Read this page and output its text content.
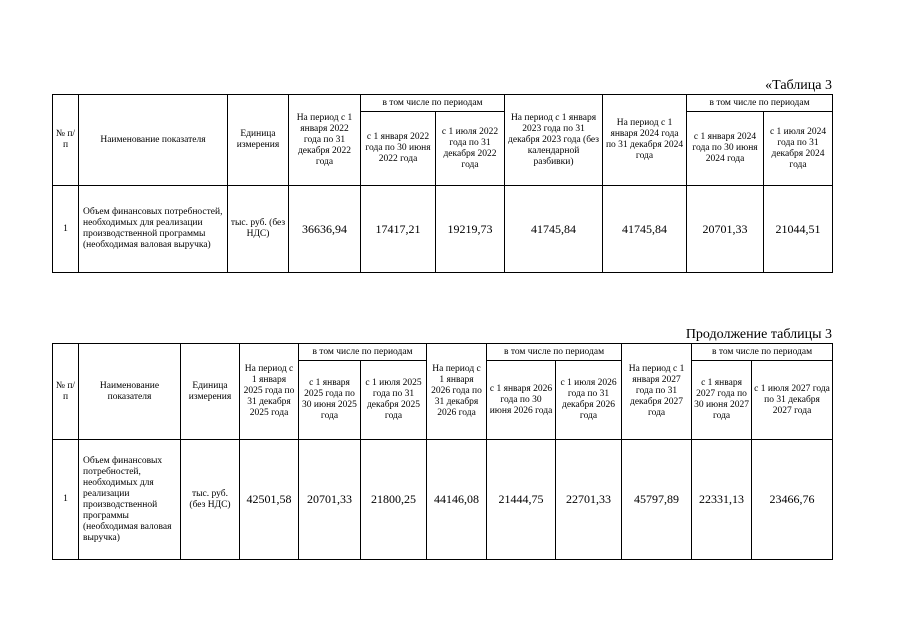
«Таблица 3
№ п/п	Наименование показателя	Единица измерения	На период с 1 января 2022 года по 31 декабря 2022 года	в том числе по периодам		На период с 1 января 2023 года по 31 декабря 2023 года (без календарной разбивки)	На период с 1 января 2024 года по 31 декабря 2024 года	в том числе по периодам	
				с 1 января 2022 года по 30 июня 2022 года	с 1 июля 2022 года по 31 декабря 2022 года			с 1 января 2024 года по 30 июня 2024 года	с 1 июля 2024 года по 31 декабря 2024 года
1	Объем финансовых потребностей, необходимых для реализации производственной программы (необходимая валовая выручка)	тыс. руб. (без НДС)	36636,94	17417,21	19219,73	41745,84	41745,84	20701,33	21044,51
Продолжение таблицы 3
№ п/п	Наименование показателя	Единица измерения	На период с 1 января 2025 года по 31 декабря 2025 года	в том числе по периодам		На период с 1 января 2026 года по 31 декабря 2026 года	в том числе по периодам		На период с 1 января 2027 года по 31 декабря 2027 года	в том числе по периодам	
				с 1 января 2025 года по 30 июня 2025 года	с 1 июля 2025 года по 31 декабря 2025 года		с 1 января 2026 года по 30 июня 2026 года	с 1 июля 2026 года по 31 декабря 2026 года		с 1 января 2027 года по 30 июня 2027 года	с 1 июля 2027 года по 31 декабря 2027 года
1	Объем финансовых потребностей, необходимых для реализации производственной программы (необходимая валовая выручка)	тыс. руб. (без НДС)	42501,58	20701,33	21800,25	44146,08	21444,75	22701,33	45797,89	22331,13	23466,76
